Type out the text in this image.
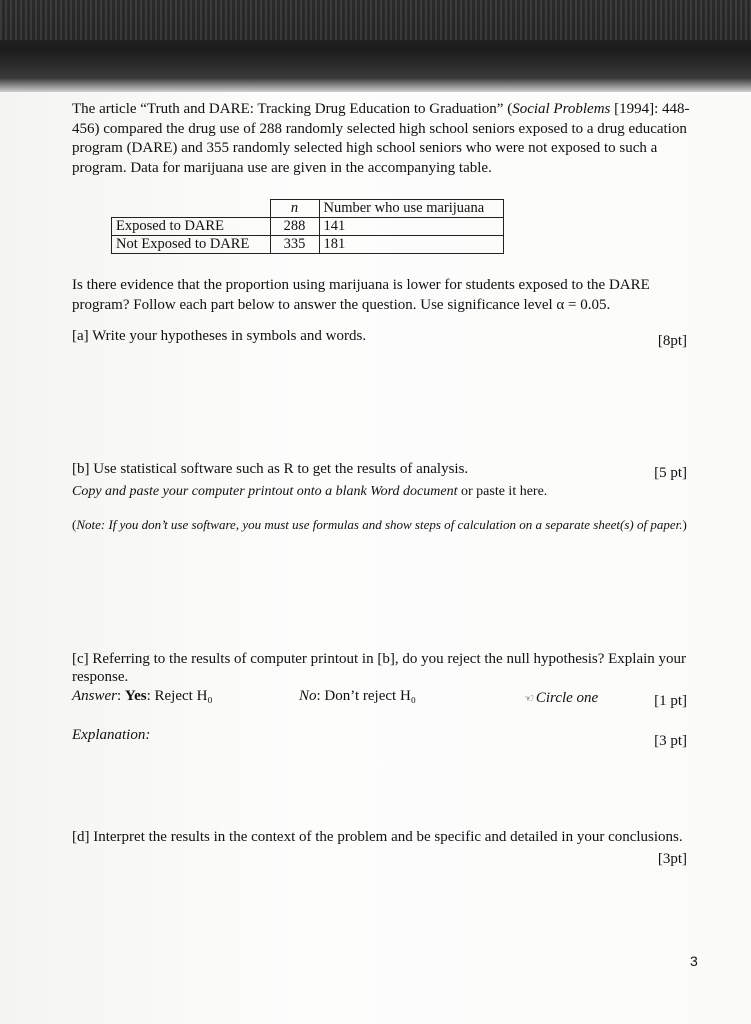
The article “Truth and DARE: Tracking Drug Education to Graduation” (Social Problems [1994]: 448-456) compared the drug use of 288 randomly selected high school seniors exposed to a drug education program (DARE) and 355 randomly selected high school seniors who were not exposed to such a program. Data for marijuana use are given in the accompanying table.

	n	Number who use marijuana
Exposed to DARE	288	141
Not Exposed to DARE	335	181
Is there evidence that the proportion using marijuana is lower for students exposed to the DARE
program? Follow each part below to answer the question. Use significance level α = 0.05.
[a] Write your hypotheses in symbols and words.	[8pt]
[b] Use statistical software such as R to get the results of analysis.	[5 pt]
Copy and paste your computer printout onto a blank Word document or paste it here.
(Note: If you don’t use software, you must use formulas and show steps of calculation on a separate sheet(s) of paper.)
[c] Referring to the results of computer printout in [b], do you reject the null hypothesis? Explain your
response.
Answer: Yes: Reject H₀	No: Don’t reject H₀	☜ Circle one	[1 pt]
Explanation:	[3 pt]
[d] Interpret the results in the context of the problem and be specific and detailed in your conclusions.
[3pt]
3
